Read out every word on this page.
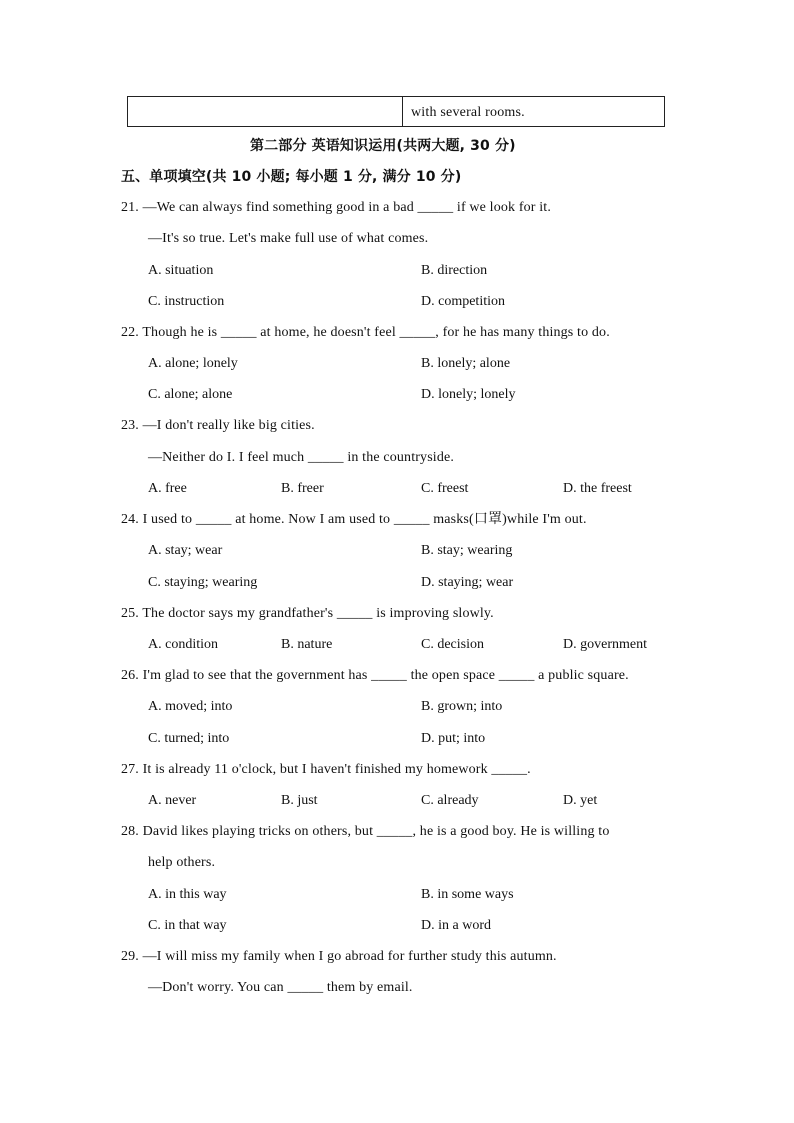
with several rooms.
第二部分 英语知识运用(共两大题, 30 分)
五、单项填空(共 10 小题; 每小题 1 分, 满分 10 分)
21. —We can always find something good in a bad _____ if we look for it.
—It's so true. Let's make full use of what comes.
A. situation	B. direction
C. instruction	D. competition
22. Though he is _____ at home, he doesn't feel _____, for he has many things to do.
A. alone; lonely	B. lonely; alone
C. alone; alone	D. lonely; lonely
23. —I don't really like big cities.
—Neither do I. I feel much _____ in the countryside.
A. free	B. freer	C. freest	D. the freest
24. I used to _____ at home. Now I am used to _____ masks(口罩)while I'm out.
A. stay; wear	B. stay; wearing
C. staying; wearing	D. staying; wear
25. The doctor says my grandfather's _____ is improving slowly.
A. condition	B. nature	C. decision	D. government
26. I'm glad to see that the government has _____ the open space _____ a public square.
A. moved; into	B. grown; into
C. turned; into	D. put; into
27. It is already 11 o'clock, but I haven't finished my homework _____.
A. never	B. just	C. already	D. yet
28. David likes playing tricks on others, but _____, he is a good boy. He is willing to
help others.
A. in this way	B. in some ways
C. in that way	D. in a word
29. —I will miss my family when I go abroad for further study this autumn.
—Don't worry. You can _____ them by email.
